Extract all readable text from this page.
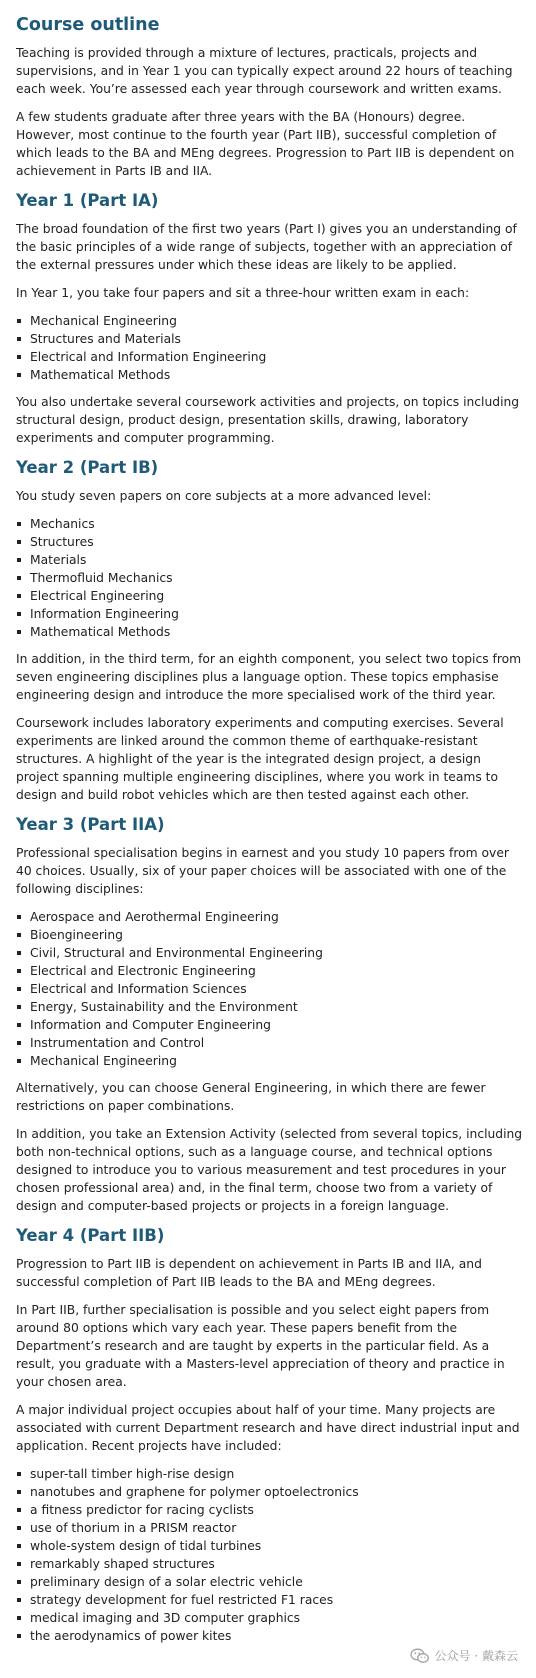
Course outline

Teaching is provided through a mixture of lectures, practicals, projects and supervisions, and in Year 1 you can typically expect around 22 hours of teaching each week. You’re assessed each year through coursework and written exams.

A few students graduate after three years with the BA (Honours) degree. However, most continue to the fourth year (Part IIB), successful completion of which leads to the BA and MEng degrees. Progression to Part IIB is dependent on achievement in Parts IB and IIA.

Year 1 (Part IA)

The broad foundation of the first two years (Part I) gives you an understanding of the basic principles of a wide range of subjects, together with an appreciation of the external pressures under which these ideas are likely to be applied.

In Year 1, you take four papers and sit a three-hour written exam in each:

Mechanical Engineering
Structures and Materials
Electrical and Information Engineering
Mathematical Methods

You also undertake several coursework activities and projects, on topics including structural design, product design, presentation skills, drawing, laboratory experiments and computer programming.

Year 2 (Part IB)

You study seven papers on core subjects at a more advanced level:

Mechanics
Structures
Materials
Thermofluid Mechanics
Electrical Engineering
Information Engineering
Mathematical Methods

In addition, in the third term, for an eighth component, you select two topics from seven engineering disciplines plus a language option. These topics emphasise engineering design and introduce the more specialised work of the third year.

Coursework includes laboratory experiments and computing exercises. Several experiments are linked around the common theme of earthquake-resistant structures. A highlight of the year is the integrated design project, a design project spanning multiple engineering disciplines, where you work in teams to design and build robot vehicles which are then tested against each other.

Year 3 (Part IIA)

Professional specialisation begins in earnest and you study 10 papers from over 40 choices. Usually, six of your paper choices will be associated with one of the following disciplines:

Aerospace and Aerothermal Engineering
Bioengineering
Civil, Structural and Environmental Engineering
Electrical and Electronic Engineering
Electrical and Information Sciences
Energy, Sustainability and the Environment
Information and Computer Engineering
Instrumentation and Control
Mechanical Engineering

Alternatively, you can choose General Engineering, in which there are fewer restrictions on paper combinations.

In addition, you take an Extension Activity (selected from several topics, including both non-technical options, such as a language course, and technical options designed to introduce you to various measurement and test procedures in your chosen professional area) and, in the final term, choose two from a variety of design and computer-based projects or projects in a foreign language.

Year 4 (Part IIB)

Progression to Part IIB is dependent on achievement in Parts IB and IIA, and successful completion of Part IIB leads to the BA and MEng degrees.

In Part IIB, further specialisation is possible and you select eight papers from around 80 options which vary each year. These papers benefit from the Department’s research and are taught by experts in the particular field. As a result, you graduate with a Masters-level appreciation of theory and practice in your chosen area.

A major individual project occupies about half of your time. Many projects are associated with current Department research and have direct industrial input and application. Recent projects have included:

super-tall timber high-rise design
nanotubes and graphene for polymer optoelectronics
a fitness predictor for racing cyclists
use of thorium in a PRISM reactor
whole-system design of tidal turbines
remarkably shaped structures
preliminary design of a solar electric vehicle
strategy development for fuel restricted F1 races
medical imaging and 3D computer graphics
the aerodynamics of power kites
公众号 · 戴森云
